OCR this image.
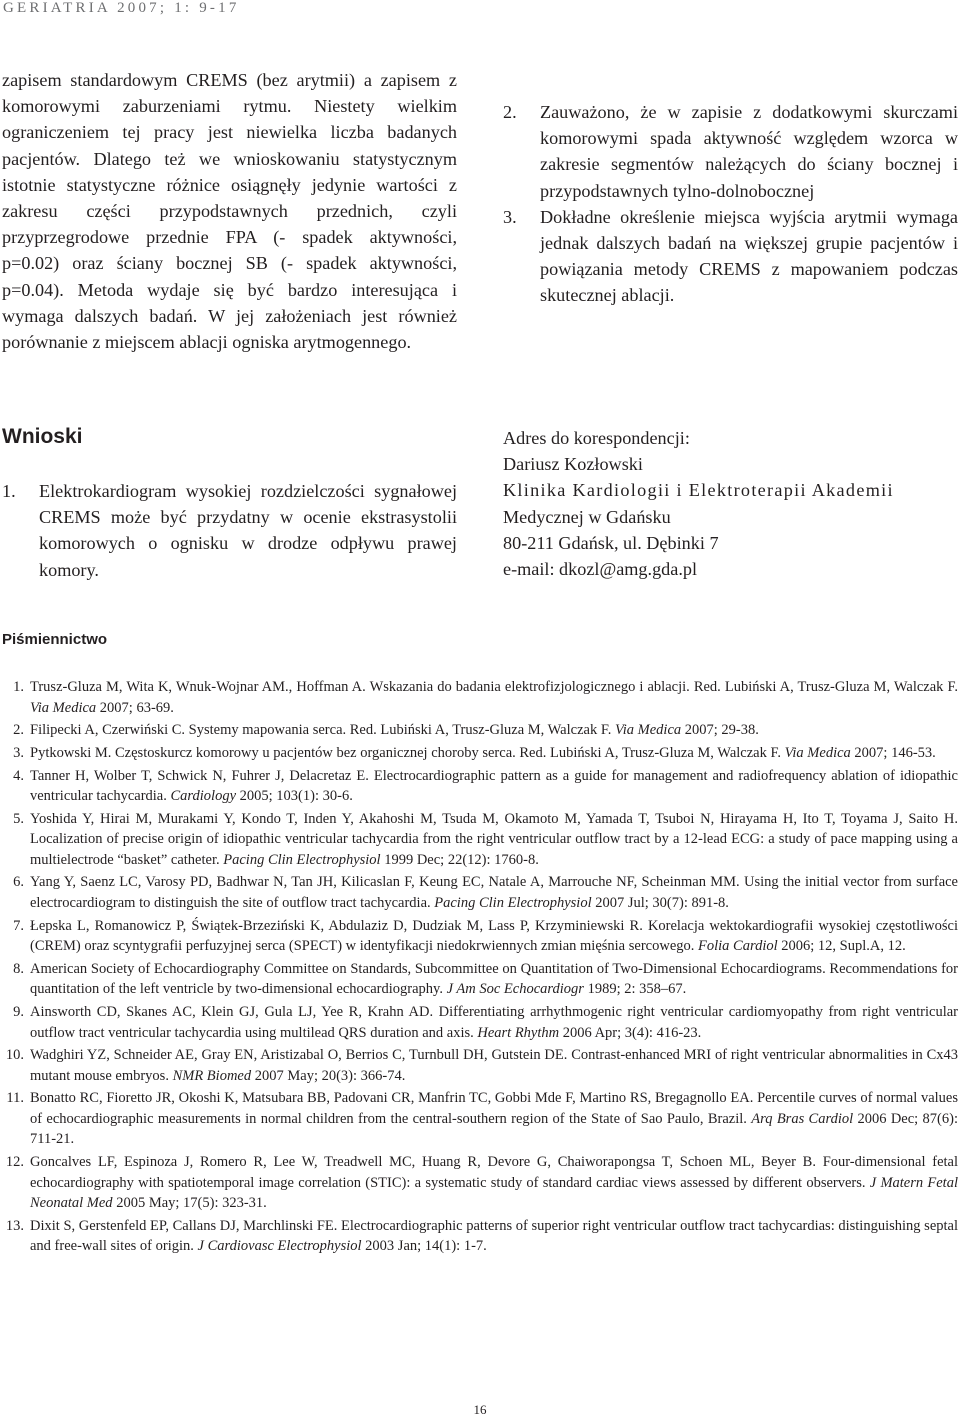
GERIATRIA 2007; 1: 9-17

zapisem standardowym CREMS (bez arytmii) a zapisem z komorowymi zaburzeniami rytmu. Niestety wielkim ograniczeniem tej pracy jest niewielka liczba badanych pacjentów. Dlatego też we wnioskowaniu statystycznym istotnie statystyczne różnice osiągnęły jedynie wartości z zakresu części przypodstawnych przednich, czyli przyprzegrodowe przednie FPA (- spadek aktywności, p=0.02) oraz ściany bocznej SB (- spadek aktywności, p=0.04). Metoda wydaje się być bardzo interesująca i wymaga dalszych badań. W jej założeniach jest również porównanie z miejscem ablacji ogniska arytmogennego.

Wnioski
1. Elektrokardiogram wysokiej rozdzielczości sygnałowej CREMS może być przydatny w ocenie ekstrasystolii komorowych o ognisku w drodze odpływu prawej komory.
2. Zauważono, że w zapisie z dodatkowymi skurczami komorowymi spada aktywność względem wzorca w zakresie segmentów należących do ściany bocznej i przypodstawnych tylno-dolnobocznej
3. Dokładne określenie miejsca wyjścia arytmii wymaga jednak dalszych badań na większej grupie pacjentów i powiązania metody CREMS z mapowaniem podczas skutecznej ablacji.
Adres do korespondencji:
Dariusz Kozłowski
Klinika Kardiologii i Elektroterapii Akademii
Medycznej w Gdańsku
80-211 Gdańsk, ul. Dębinki 7
e-mail: dkozl@amg.gda.pl
Piśmiennictwo
1. Trusz-Gluza M, Wita K, Wnuk-Wojnar AM., Hoffman A. Wskazania do badania elektrofizjologicznego i ablacji. Red. Lubiński A, Trusz-Gluza M, Walczak F. Via Medica 2007; 63-69.
2. Filipecki A, Czerwiński C. Systemy mapowania serca. Red. Lubiński A, Trusz-Gluza M, Walczak F. Via Medica 2007; 29-38.
3. Pytkowski M. Częstoskurcz komorowy u pacjentów bez organicznej choroby serca. Red. Lubiński A, Trusz-Gluza M, Walczak F. Via Medica 2007; 146-53.
4. Tanner H, Wolber T, Schwick N, Fuhrer J, Delacretaz E. Electrocardiographic pattern as a guide for management and radiofrequency ablation of idiopathic ventricular tachycardia. Cardiology 2005; 103(1): 30-6.
5. Yoshida Y, Hirai M, Murakami Y, Kondo T, Inden Y, Akahoshi M, Tsuda M, Okamoto M, Yamada T, Tsuboi N, Hirayama H, Ito T, Toyama J, Saito H. Localization of precise origin of idiopathic ventricular tachycardia from the right ventricular outflow tract by a 12-lead ECG: a study of pace mapping using a multielectrode “basket” catheter. Pacing Clin Electrophysiol 1999 Dec; 22(12): 1760-8.
6. Yang Y, Saenz LC, Varosy PD, Badhwar N, Tan JH, Kilicaslan F, Keung EC, Natale A, Marrouche NF, Scheinman MM. Using the initial vector from surface electrocardiogram to distinguish the site of outflow tract tachycardia. Pacing Clin Electrophysiol 2007 Jul; 30(7): 891-8.
7. Łepska L, Romanowicz P, Świątek-Brzeziński K, Abdulaziz D, Dudziak M, Lass P, Krzyminiewski R. Korelacja wektokardiografii wysokiej częstotliwości (CREM) oraz scyntygrafii perfuzyjnej serca (SPECT) w identyfikacji niedokrwiennych zmian mięśnia sercowego. Folia Cardiol 2006; 12, Supl.A, 12.
8. American Society of Echocardiography Committee on Standards, Subcommittee on Quantitation of Two-Dimensional Echocardiograms. Recommendations for quantitation of the left ventricle by two-dimensional echocardiography. J Am Soc Echocardiogr 1989; 2: 358–67.
9. Ainsworth CD, Skanes AC, Klein GJ, Gula LJ, Yee R, Krahn AD. Differentiating arrhythmogenic right ventricular cardiomyopathy from right ventricular outflow tract ventricular tachycardia using multilead QRS duration and axis. Heart Rhythm 2006 Apr; 3(4): 416-23.
10. Wadghiri YZ, Schneider AE, Gray EN, Aristizabal O, Berrios C, Turnbull DH, Gutstein DE. Contrast-enhanced MRI of right ventricular abnormalities in Cx43 mutant mouse embryos. NMR Biomed 2007 May; 20(3): 366-74.
11. Bonatto RC, Fioretto JR, Okoshi K, Matsubara BB, Padovani CR, Manfrin TC, Gobbi Mde F, Martino RS, Bregagnollo EA. Percentile curves of normal values of echocardiographic measurements in normal children from the central-southern region of the State of Sao Paulo, Brazil. Arq Bras Cardiol 2006 Dec; 87(6): 711-21.
12. Goncalves LF, Espinoza J, Romero R, Lee W, Treadwell MC, Huang R, Devore G, Chaiworapongsa T, Schoen ML, Beyer B. Four-dimensional fetal echocardiography with spatiotemporal image correlation (STIC): a systematic study of standard cardiac views assessed by different observers. J Matern Fetal Neonatal Med 2005 May; 17(5): 323-31.
13. Dixit S, Gerstenfeld EP, Callans DJ, Marchlinski FE. Electrocardiographic patterns of superior right ventricular outflow tract tachycardias: distinguishing septal and free-wall sites of origin. J Cardiovasc Electrophysiol 2003 Jan; 14(1): 1-7.

16
